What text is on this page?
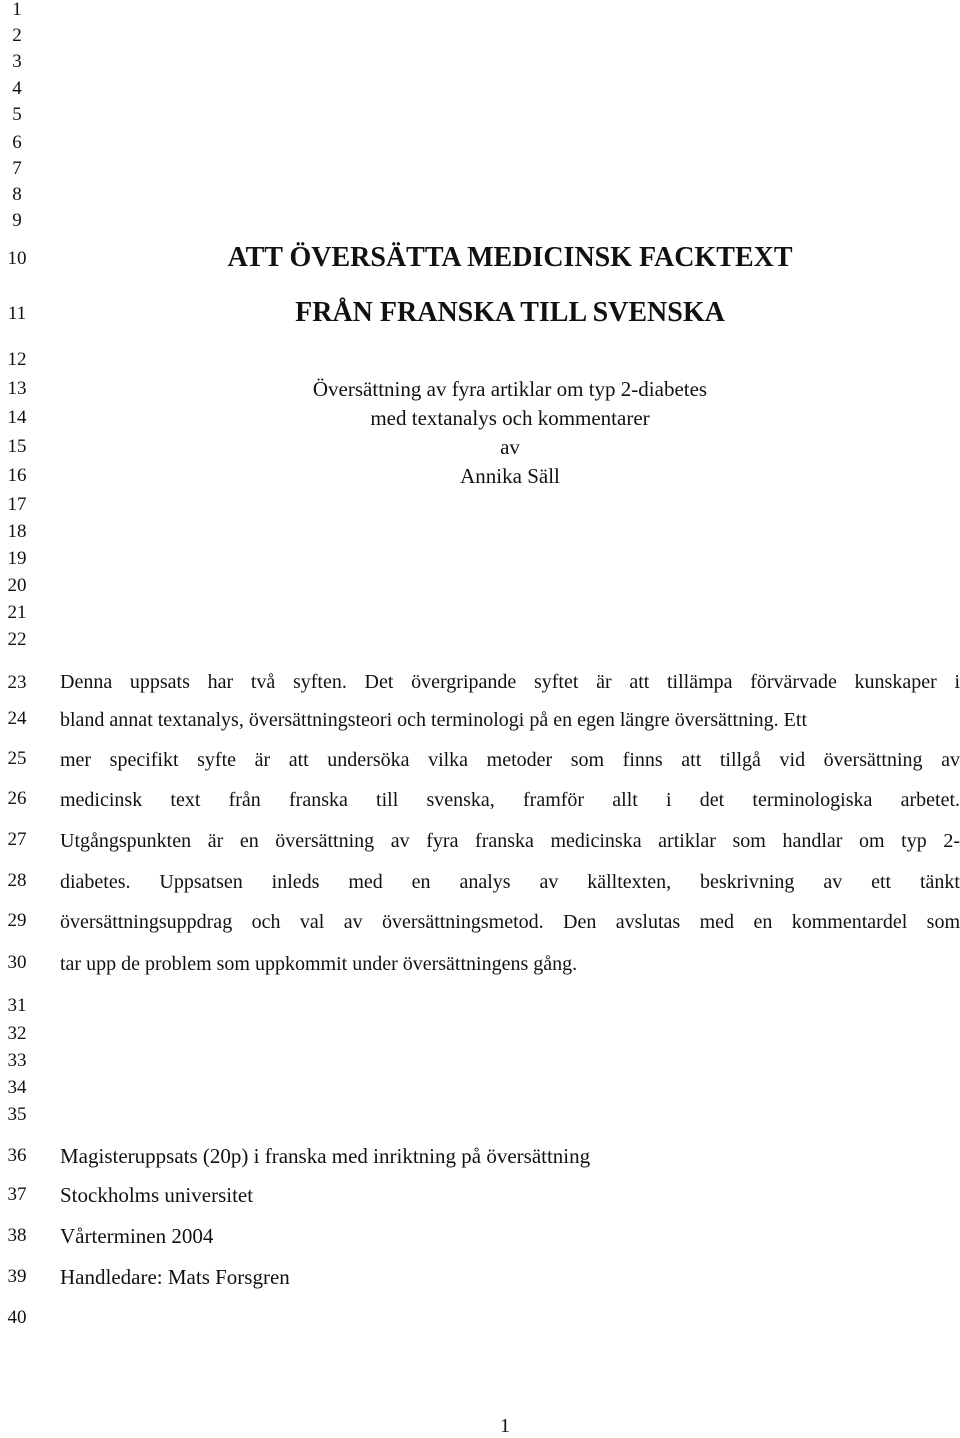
1
2
3
4
5
6
7
8
9
10
11
12
13
14
15
16
17
18
19
20
21
22
23
24
25
26
27
28
29
30
31
32
33
34
35
36
37
38
39
40
ATT ÖVERSÄTTA MEDICINSK FACKTEXT
FRÅN FRANSKA TILL SVENSKA
Översättning av fyra artiklar om typ 2-diabetes
med textanalys och kommentarer
av
Annika Säll
Denna uppsats har två syften. Det övergripande syftet är att tillämpa förvärvade kunskaper i
bland annat textanalys, översättningsteori och terminologi på en egen längre översättning. Ett
mer specifikt syfte är att undersöka vilka metoder som finns att tillgå vid översättning av
medicinsk text från franska till svenska, framför allt i det terminologiska arbetet.
Utgångspunkten är en översättning av fyra franska medicinska artiklar som handlar om typ 2-
diabetes. Uppsatsen inleds med en analys av källtexten, beskrivning av ett tänkt
översättningsuppdrag och val av översättningsmetod. Den avslutas med en kommentardel som
tar upp de problem som uppkommit under översättningens gång.
Magisteruppsats (20p) i franska med inriktning på översättning
Stockholms universitet
Vårterminen 2004
Handledare: Mats Forsgren
1
